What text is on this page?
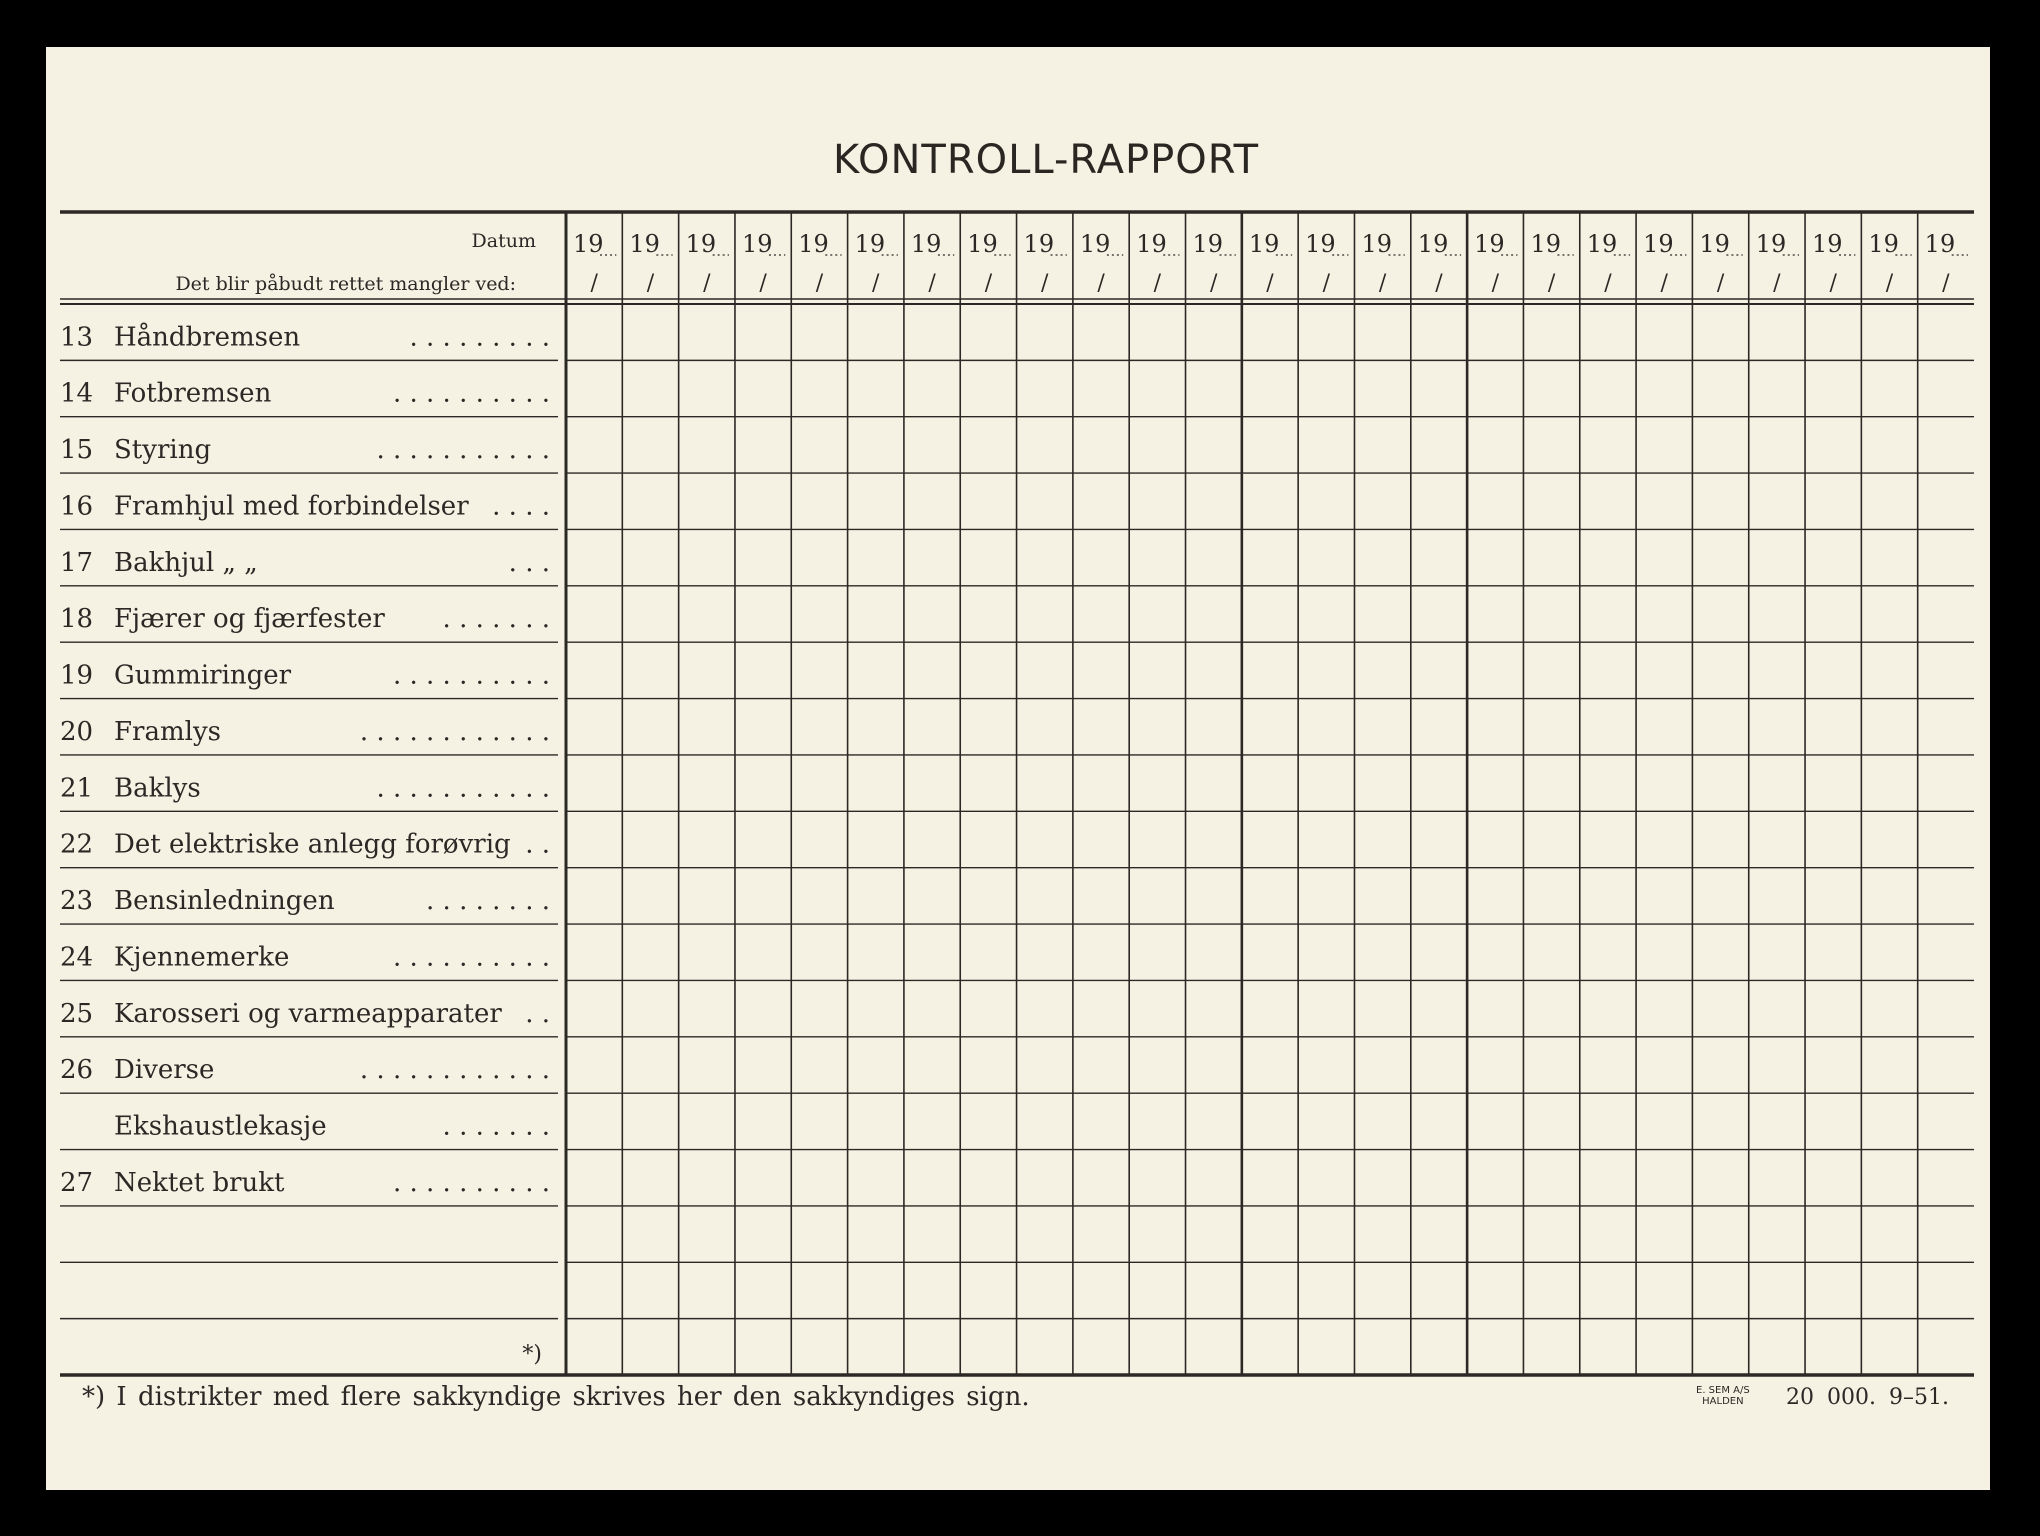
KONTROLL-RAPPORT
Datum
Det blir påbudt rettet mangler ved:
19
/
19
/
19
/
19
/
19
/
19
/
19
/
19
/
19
/
19
/
19
/
19
/
19
/
19
/
19
/
19
/
19
/
19
/
19
/
19
/
19
/
19
/
19
/
19
/
19
/
13 Håndbremsen	. . . . . . . . .
14 Fotbremsen	. . . . . . . . . .
15 Styring	. . . . . . . . . . .
16 Framhjul med forbindelser . . . .
17 Bakhjul „ „	. . .
18 Fjærer og fjærfester . . . . . . .
19 Gummiringer	. . . . . . . . . .
20 Framlys	. . . . . . . . . . . .
21 Baklys	. . . . . . . . . . .
22 Det elektriske anlegg forøvrig . .
23 Bensinledningen	. . . . . . . .
24 Kjennemerke	. . . . . . . . . .
25 Karosseri og varmeapparater . .
26 Diverse	. . . . . . . . . . . .
Ekshaustlekasje	. . . . . . .
27 Nektet brukt	. . . . . . . . . .
*)
*) I distrikter med flere sakkyndige skrives her den sakkyndiges sign.	E. SEM A/S
HALDEN 20 000. 9–51.
